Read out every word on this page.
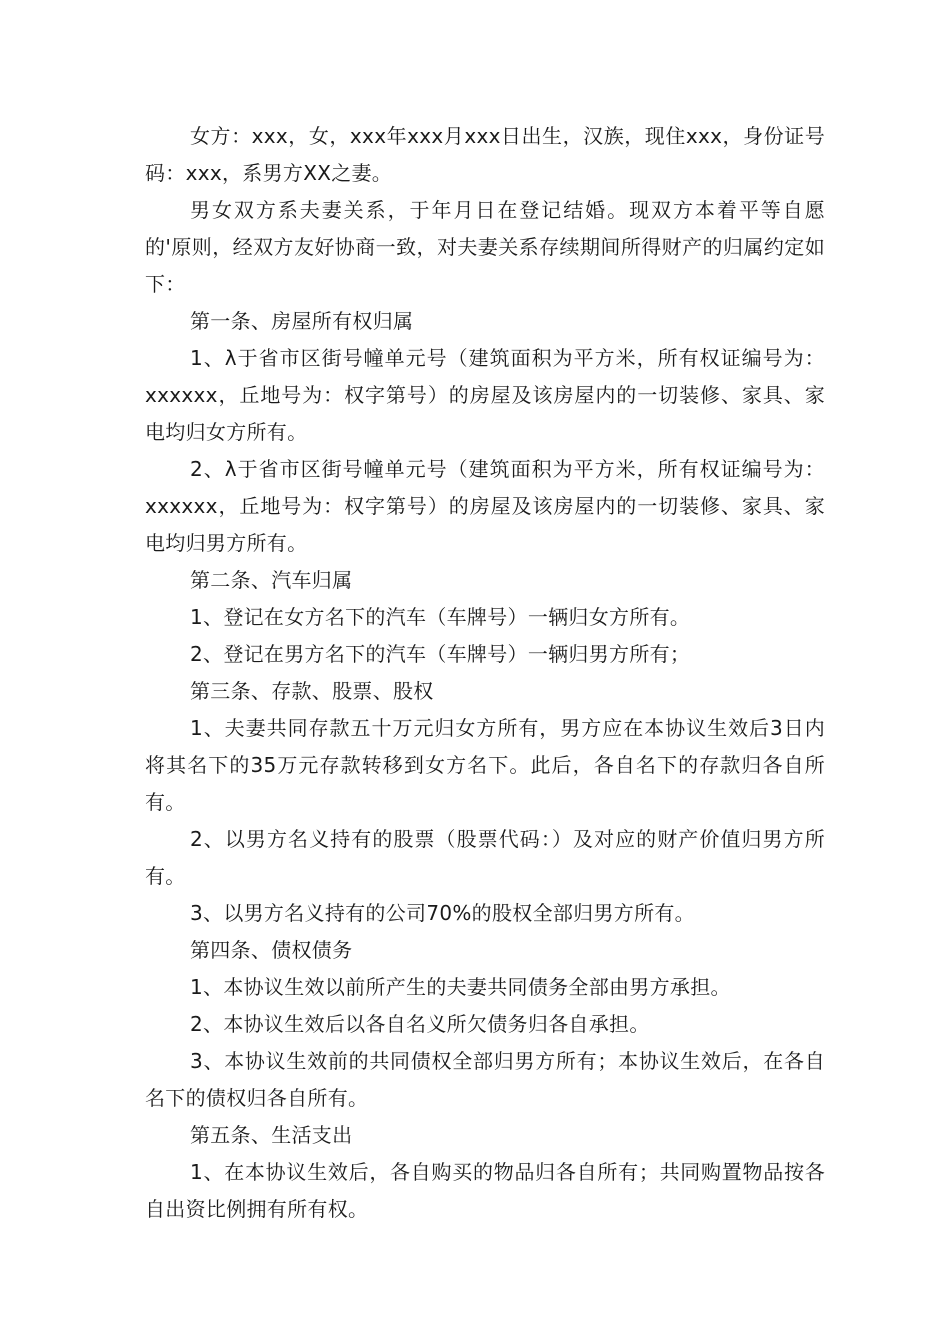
女方：xxx，女，xxx年xxx月xxx日出生，汉族，现住xxx，身份证号码：xxx，系男方XX之妻。

男女双方系夫妻关系，于年月日在登记结婚。现双方本着平等自愿的'原则，经双方友好协商一致，对夫妻关系存续期间所得财产的归属约定如下：

第一条、房屋所有权归属

1、λ于省市区街号幢单元号（建筑面积为平方米，所有权证编号为：xxxxxx，丘地号为：权字第号）的房屋及该房屋内的一切装修、家具、家电均归女方所有。

2、λ于省市区街号幢单元号（建筑面积为平方米，所有权证编号为：xxxxxx，丘地号为：权字第号）的房屋及该房屋内的一切装修、家具、家电均归男方所有。

第二条、汽车归属

1、登记在女方名下的汽车（车牌号）一辆归女方所有。

2、登记在男方名下的汽车（车牌号）一辆归男方所有；

第三条、存款、股票、股权

1、夫妻共同存款五十万元归女方所有，男方应在本协议生效后3日内将其名下的35万元存款转移到女方名下。此后，各自名下的存款归各自所有。

2、以男方名义持有的股票（股票代码：）及对应的财产价值归男方所有。

3、以男方名义持有的公司70%的股权全部归男方所有。

第四条、债权债务

1、本协议生效以前所产生的夫妻共同债务全部由男方承担。

2、本协议生效后以各自名义所欠债务归各自承担。

3、本协议生效前的共同债权全部归男方所有；本协议生效后，在各自名下的债权归各自所有。

第五条、生活支出

1、在本协议生效后，各自购买的物品归各自所有；共同购置物品按各自出资比例拥有所有权。
